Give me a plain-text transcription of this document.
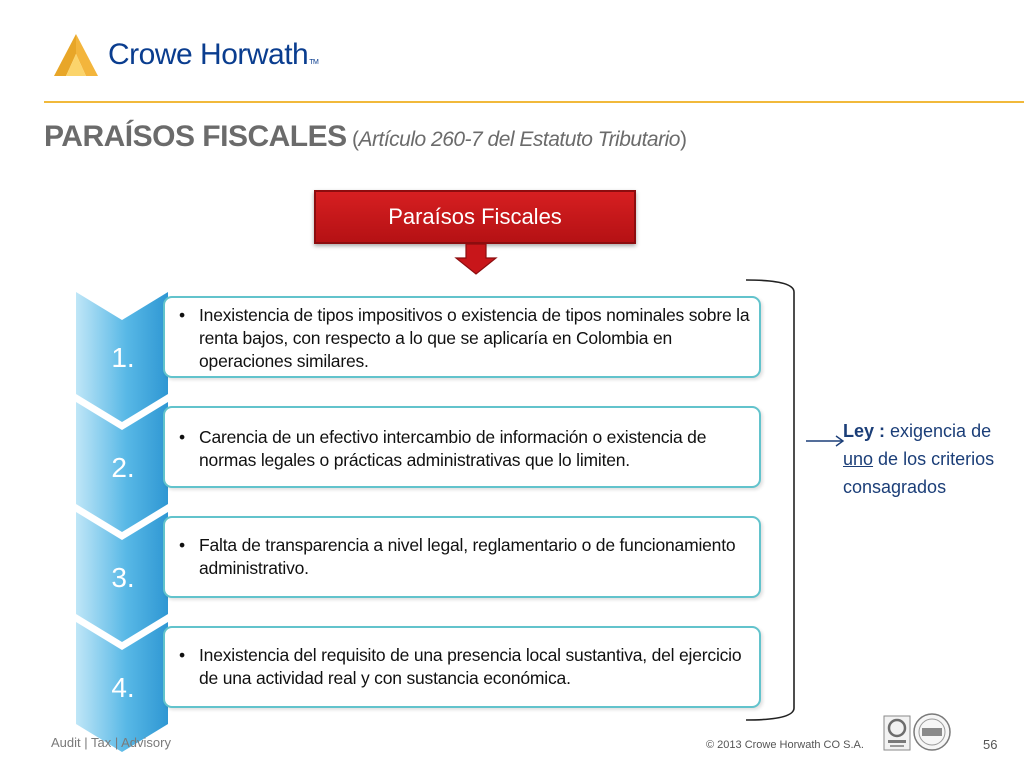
Crowe HorwathTM
PARAÍSOS FISCALES (Artículo 260-7 del Estatuto Tributario)
Paraísos Fiscales
1.

• Inexistencia de tipos impositivos o existencia de tipos nominales sobre la renta bajos, con respecto a lo que se aplicaría en Colombia en operaciones similares.

2.

• Carencia de un efectivo intercambio de información o existencia de normas legales o prácticas administrativas que lo limiten.

3.

• Falta de transparencia a nivel legal, reglamentario o de funcionamiento administrativo.

4.

• Inexistencia del requisito de una presencia local sustantiva, del ejercicio de una actividad real y con sustancia económica.

Ley : exigencia de uno de los criterios consagrados

Audit | Tax | Advisory	© 2013 Crowe Horwath CO S.A.	56
